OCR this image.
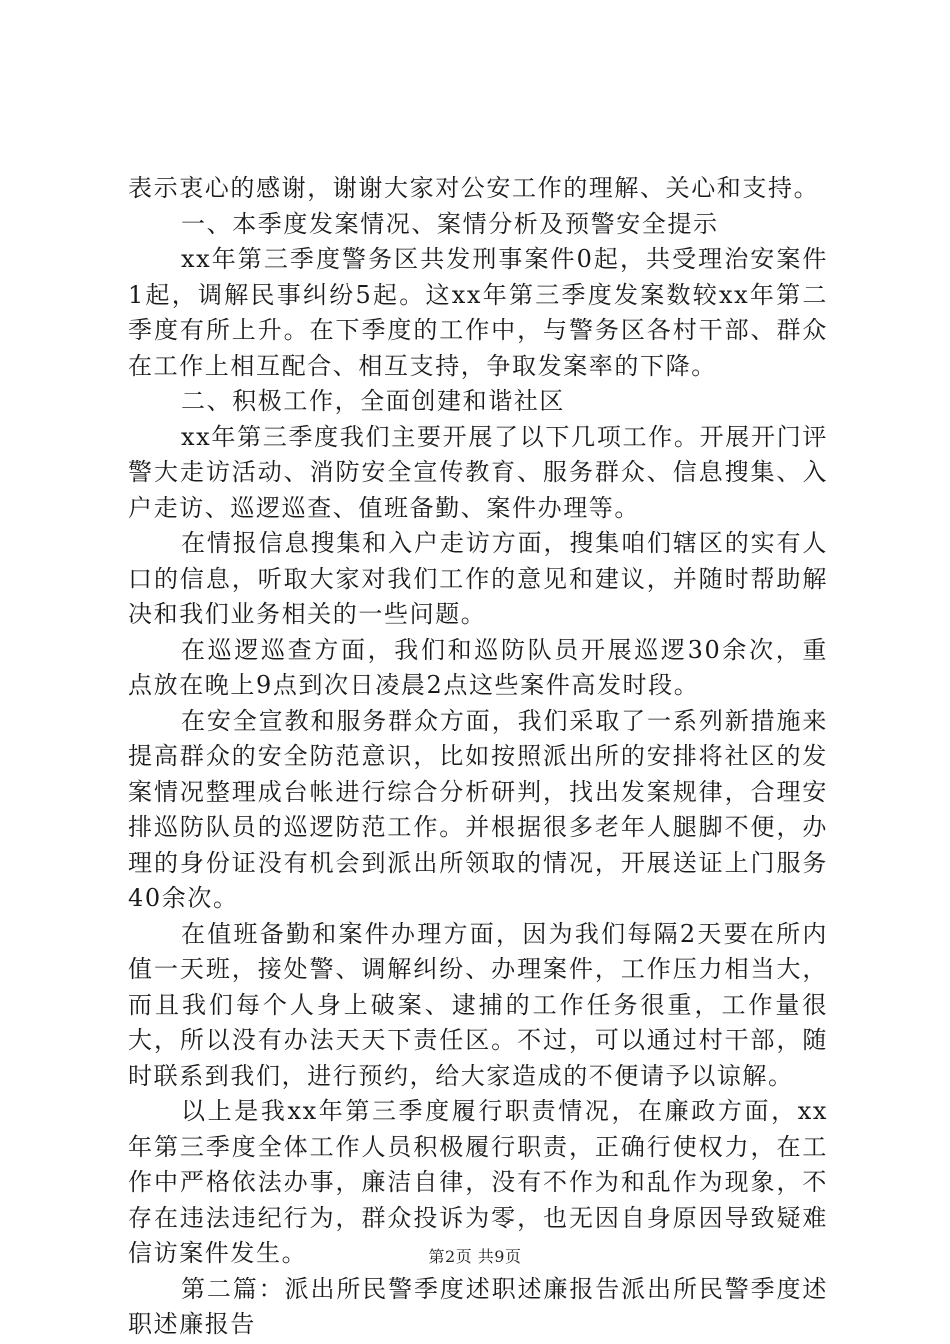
表示衷心的感谢，谢谢大家对公安工作的理解、关心和支持。

一、本季度发案情况、案情分析及预警安全提示

xx年第三季度警务区共发刑事案件0起，共受理治安案件1起，调解民事纠纷5起。这xx年第三季度发案数较xx年第二季度有所上升。在下季度的工作中，与警务区各村干部、群众在工作上相互配合、相互支持，争取发案率的下降。

二、积极工作，全面创建和谐社区

xx年第三季度我们主要开展了以下几项工作。开展开门评警大走访活动、消防安全宣传教育、服务群众、信息搜集、入户走访、巡逻巡查、值班备勤、案件办理等。

在情报信息搜集和入户走访方面，搜集咱们辖区的实有人口的信息，听取大家对我们工作的意见和建议，并随时帮助解决和我们业务相关的一些问题。

在巡逻巡查方面，我们和巡防队员开展巡逻30余次，重点放在晚上9点到次日凌晨2点这些案件高发时段。

在安全宣教和服务群众方面，我们采取了一系列新措施来提高群众的安全防范意识，比如按照派出所的安排将社区的发案情况整理成台帐进行综合分析研判，找出发案规律，合理安排巡防队员的巡逻防范工作。并根据很多老年人腿脚不便，办理的身份证没有机会到派出所领取的情况，开展送证上门服务40余次。

在值班备勤和案件办理方面，因为我们每隔2天要在所内值一天班，接处警、调解纠纷、办理案件，工作压力相当大，而且我们每个人身上破案、逮捕的工作任务很重，工作量很大，所以没有办法天天下责任区。不过，可以通过村干部，随时联系到我们，进行预约，给大家造成的不便请予以谅解。

以上是我xx年第三季度履行职责情况，在廉政方面，xx年第三季度全体工作人员积极履行职责，正确行使权力，在工作中严格依法办事，廉洁自律，没有不作为和乱作为现象，不存在违法违纪行为，群众投诉为零，也无因自身原因导致疑难信访案件发生。

第二篇：派出所民警季度述职述廉报告派出所民警季度述职述廉报告

第2页 共9页
